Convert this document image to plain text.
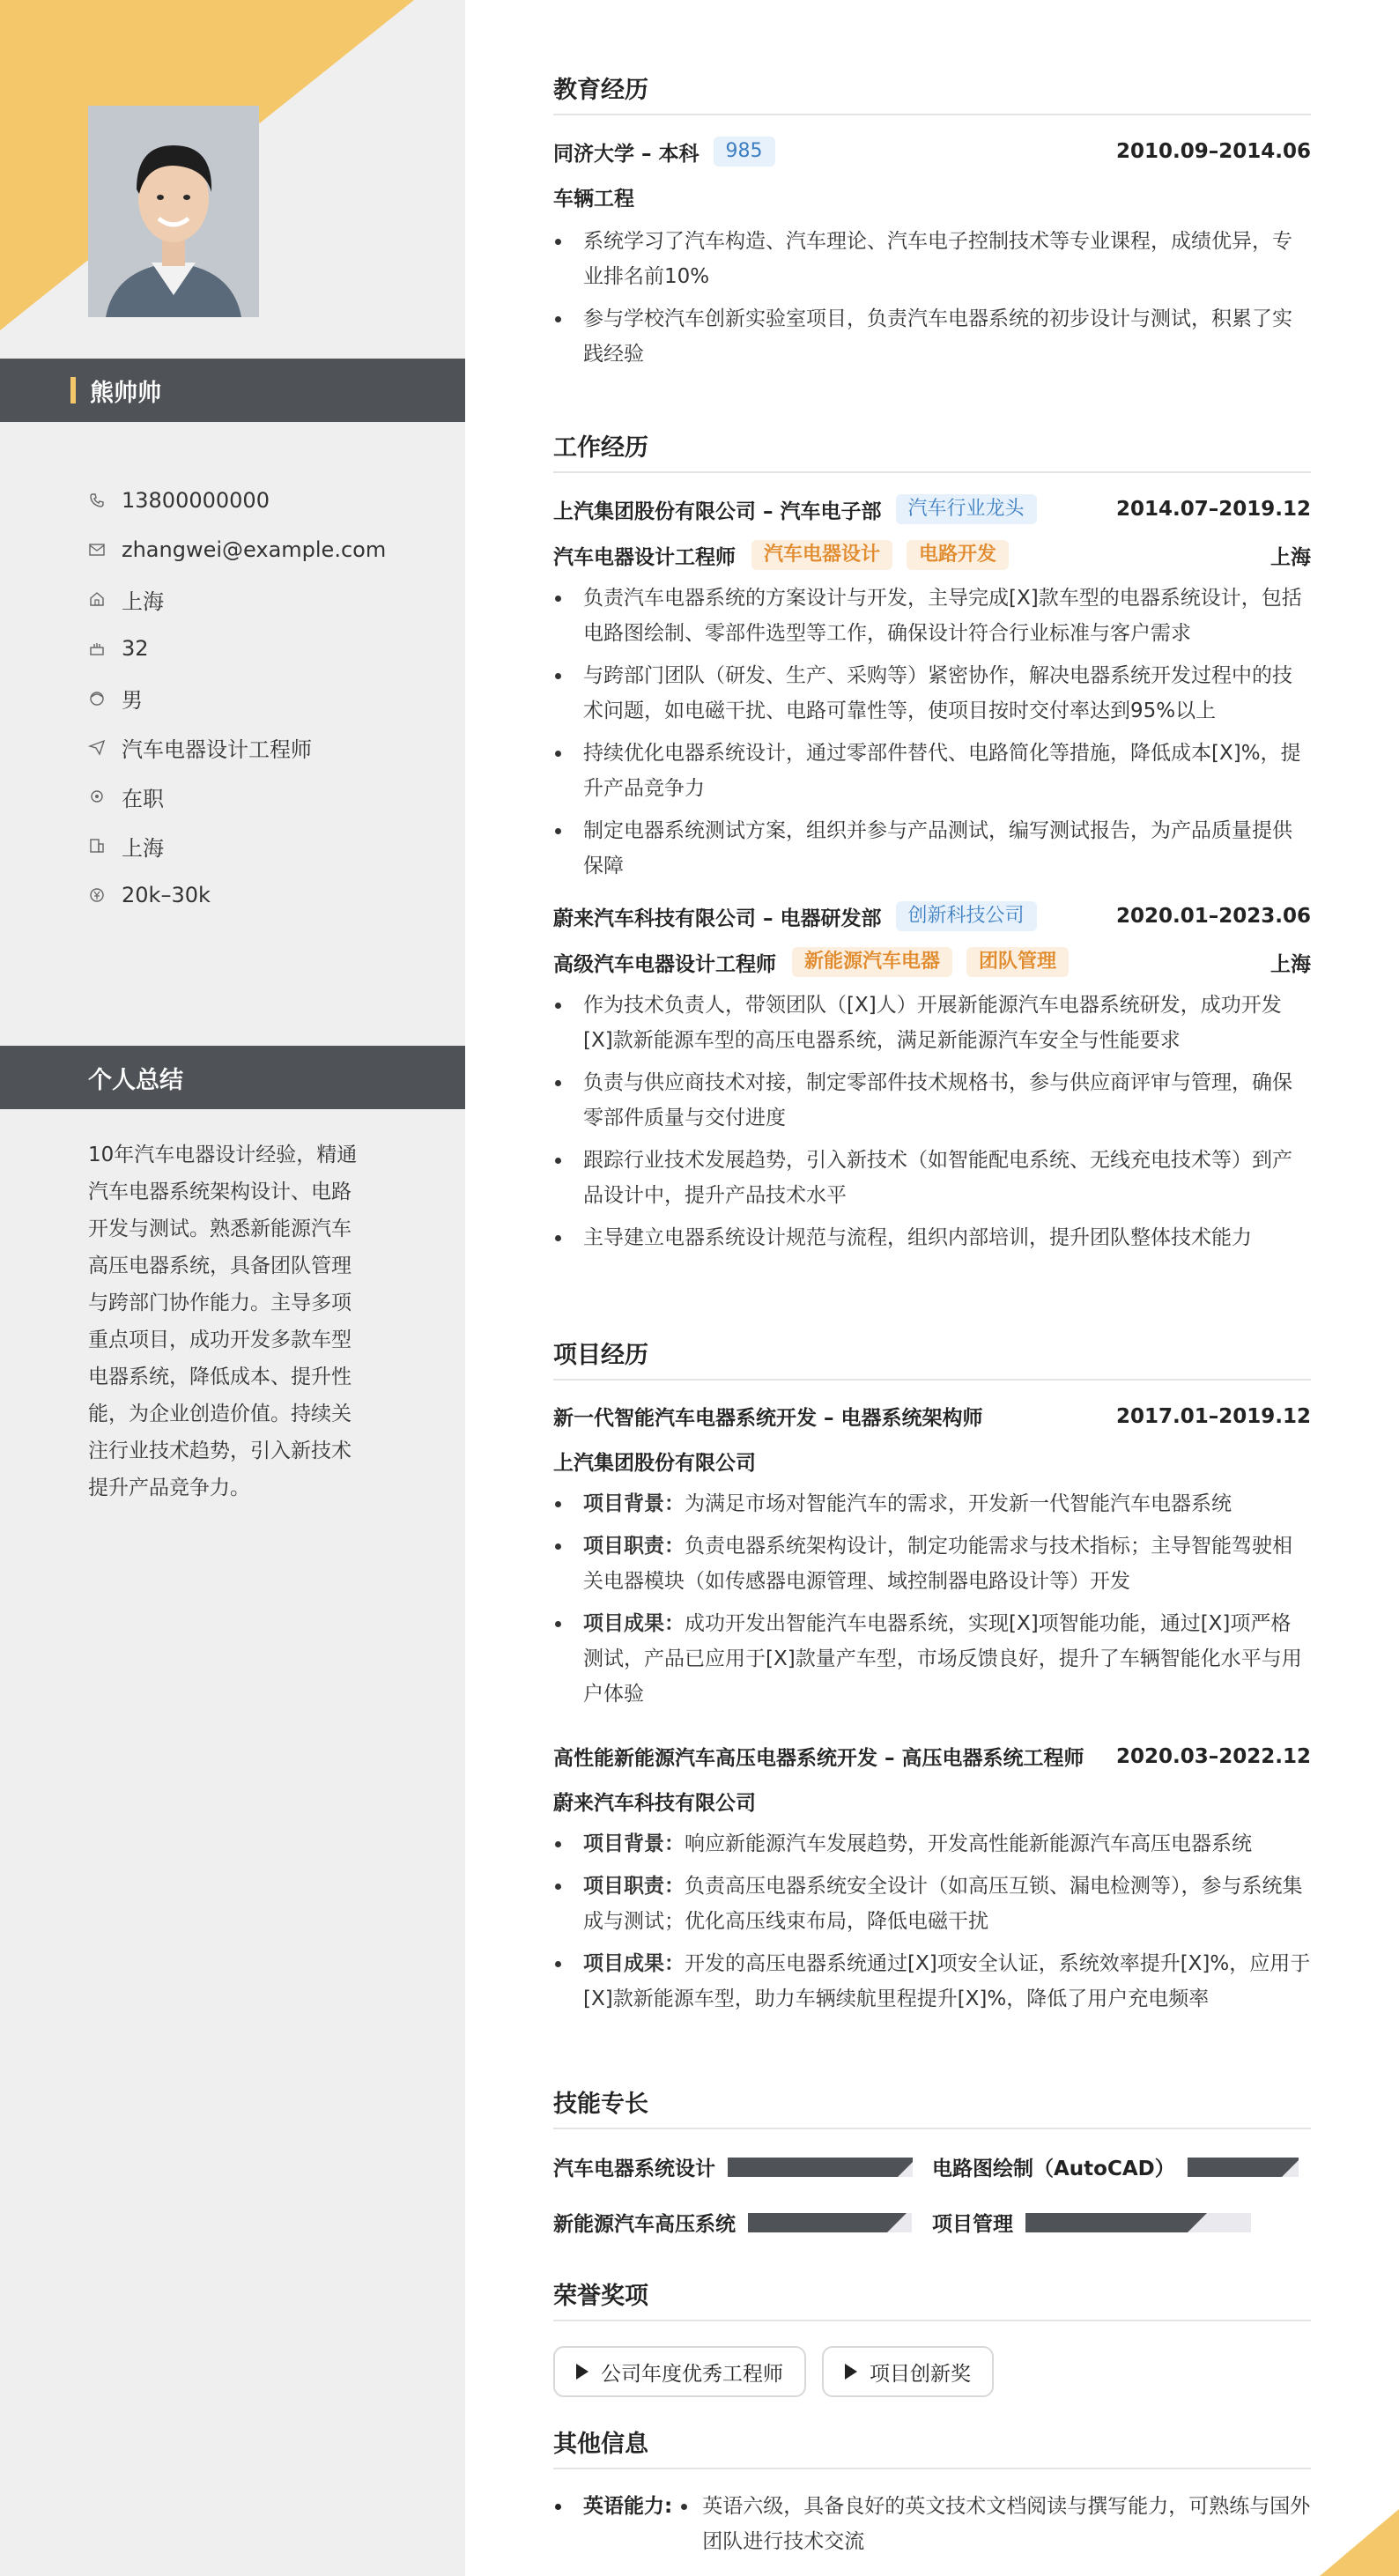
熊帅帅
13800000000
zhangwei@example.com
上海
32
男
汽车电器设计工程师
在职
上海
20k–30k
个人总结
10年汽车电器设计经验，精通汽车电器系统架构设计、电路开发与测试。熟悉新能源汽车高压电器系统，具备团队管理与跨部门协作能力。主导多项重点项目，成功开发多款车型电器系统，降低成本、提升性能，为企业创造价值。持续关注行业技术趋势，引入新技术提升产品竞争力。
教育经历
同济大学 – 本科	985	2010.09–2014.06
车辆工程
系统学习了汽车构造、汽车理论、汽车电子控制技术等专业课程，成绩优异，专业排名前10%
参与学校汽车创新实验室项目，负责汽车电器系统的初步设计与测试，积累了实践经验
工作经历
上汽集团股份有限公司 – 汽车电子部	汽车行业龙头	2014.07–2019.12
汽车电器设计工程师	汽车电器设计	电路开发	上海
负责汽车电器系统的方案设计与开发，主导完成[X]款车型的电器系统设计，包括电路图绘制、零部件选型等工作，确保设计符合行业标准与客户需求
与跨部门团队（研发、生产、采购等）紧密协作，解决电器系统开发过程中的技术问题，如电磁干扰、电路可靠性等，使项目按时交付率达到95%以上
持续优化电器系统设计，通过零部件替代、电路简化等措施，降低成本[X]%，提升产品竞争力
制定电器系统测试方案，组织并参与产品测试，编写测试报告，为产品质量提供保障
蔚来汽车科技有限公司 – 电器研发部	创新科技公司	2020.01–2023.06
高级汽车电器设计工程师	新能源汽车电器	团队管理	上海
作为技术负责人，带领团队（[X]人）开展新能源汽车电器系统研发，成功开发[X]款新能源车型的高压电器系统，满足新能源汽车安全与性能要求
负责与供应商技术对接，制定零部件技术规格书，参与供应商评审与管理，确保零部件质量与交付进度
跟踪行业技术发展趋势，引入新技术（如智能配电系统、无线充电技术等）到产品设计中，提升产品技术水平
主导建立电器系统设计规范与流程，组织内部培训，提升团队整体技术能力
项目经历
新一代智能汽车电器系统开发 – 电器系统架构师	2017.01–2019.12
上汽集团股份有限公司
项目背景：为满足市场对智能汽车的需求，开发新一代智能汽车电器系统
项目职责：负责电器系统架构设计，制定功能需求与技术指标；主导智能驾驶相关电器模块（如传感器电源管理、域控制器电路设计等）开发
项目成果：成功开发出智能汽车电器系统，实现[X]项智能功能，通过[X]项严格测试，产品已应用于[X]款量产车型，市场反馈良好，提升了车辆智能化水平与用户体验
高性能新能源汽车高压电器系统开发 – 高压电器系统工程师 2020.03–2022.12
蔚来汽车科技有限公司
项目背景：响应新能源汽车发展趋势，开发高性能新能源汽车高压电器系统
项目职责：负责高压电器系统安全设计（如高压互锁、漏电检测等），参与系统集成与测试；优化高压线束布局，降低电磁干扰
项目成果：开发的高压电器系统通过[X]项安全认证，系统效率提升[X]%，应用于[X]款新能源车型，助力车辆续航里程提升[X]%，降低了用户充电频率
技能专长
汽车电器系统设计	电路图绘制（AutoCAD）
新能源汽车高压系统	项目管理
荣誉奖项
公司年度优秀工程师	项目创新奖
其他信息
英语能力:	英语六级，具备良好的英文技术文档阅读与撰写能力，可熟练与国外团队进行技术交流
